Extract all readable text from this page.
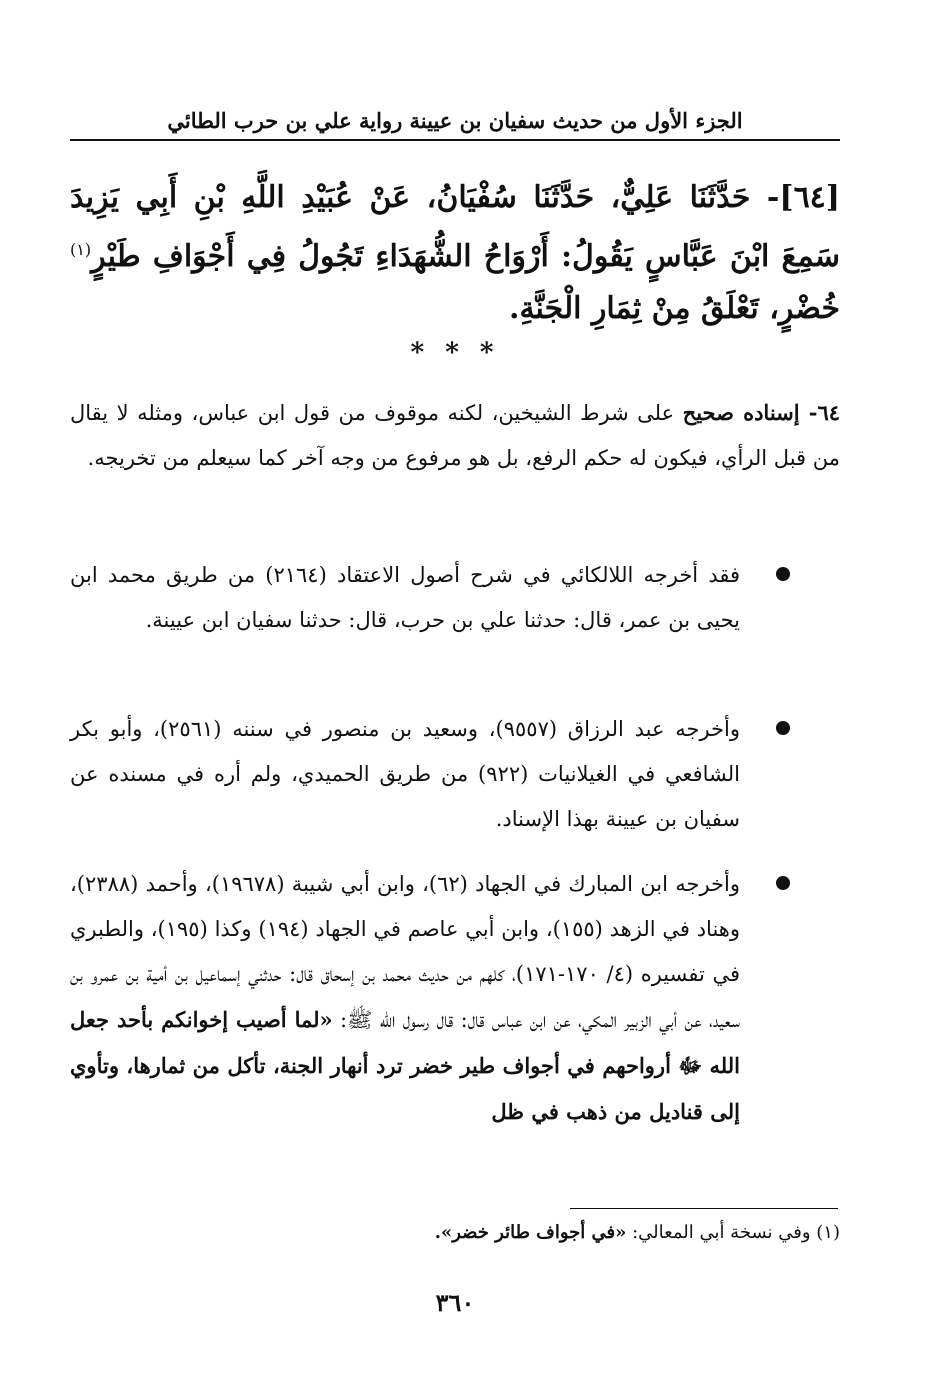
الجزء الأول من حديث سفيان بن عيينة رواية علي بن حرب الطائي
[٦٤]- حَدَّثَنَا عَلِيٌّ، حَدَّثَنَا سُفْيَانُ، عَنْ عُبَيْدِ اللَّهِ بْنِ أَبِي يَزِيدَ سَمِعَ ابْنَ عَبَّاسٍ يَقُولُ: أَرْوَاحُ الشُّهَدَاءِ تَجُولُ فِي أَجْوَافِ طَيْرٍ$^{(١)}$ خُضْرٍ، تَعْلَقُ مِنْ ثِمَارِ الْجَنَّةِ.
* * *
٦٤- إسناده صحيح على شرط الشيخين، لكنه موقوف من قول ابن عباس، ومثله لا يقال من قبل الرأي، فيكون له حكم الرفع، بل هو مرفوع من وجه آخر كما سيعلم من تخريجه.
فقد أخرجه اللالكائي في شرح أصول الاعتقاد (٢١٦٤) من طريق محمد ابن يحيى بن عمر، قال: حدثنا علي بن حرب، قال: حدثنا سفيان ابن عيينة.
وأخرجه عبد الرزاق (٩٥٥٧)، وسعيد بن منصور في سننه (٢٥٦١)، وأبو بكر الشافعي في الغيلانيات (٩٢٢) من طريق الحميدي، ولم أره في مسنده عن سفيان بن عيينة بهذا الإسناد.
وأخرجه ابن المبارك في الجهاد (٦٢)، وابن أبي شيبة (١٩٦٧٨)، وأحمد (٢٣٨٨)، وهناد في الزهد (١٥٥)، وابن أبي عاصم في الجهاد (١٩٤) وكذا (١٩٥)، والطبري في تفسيره (٤/ ١٧٠-١٧١)، كلهم من حديث محمد بن إسحاق قال: حدثني إسماعيل بن أمية بن عمرو بن سعيد، عن أبي الزبير المكي، عن ابن عباس قال: قال رسول الله ﷺ: «لما أصيب إخوانكم بأحد جعل الله ﷻ أرواحهم في أجواف طير خضر ترد أنهار الجنة، تأكل من ثمارها، وتأوي إلى قناديل من ذهب في ظل
(١) وفي نسخة أبي المعالي: «في أجواف طائر خضر».
٣٦٠
